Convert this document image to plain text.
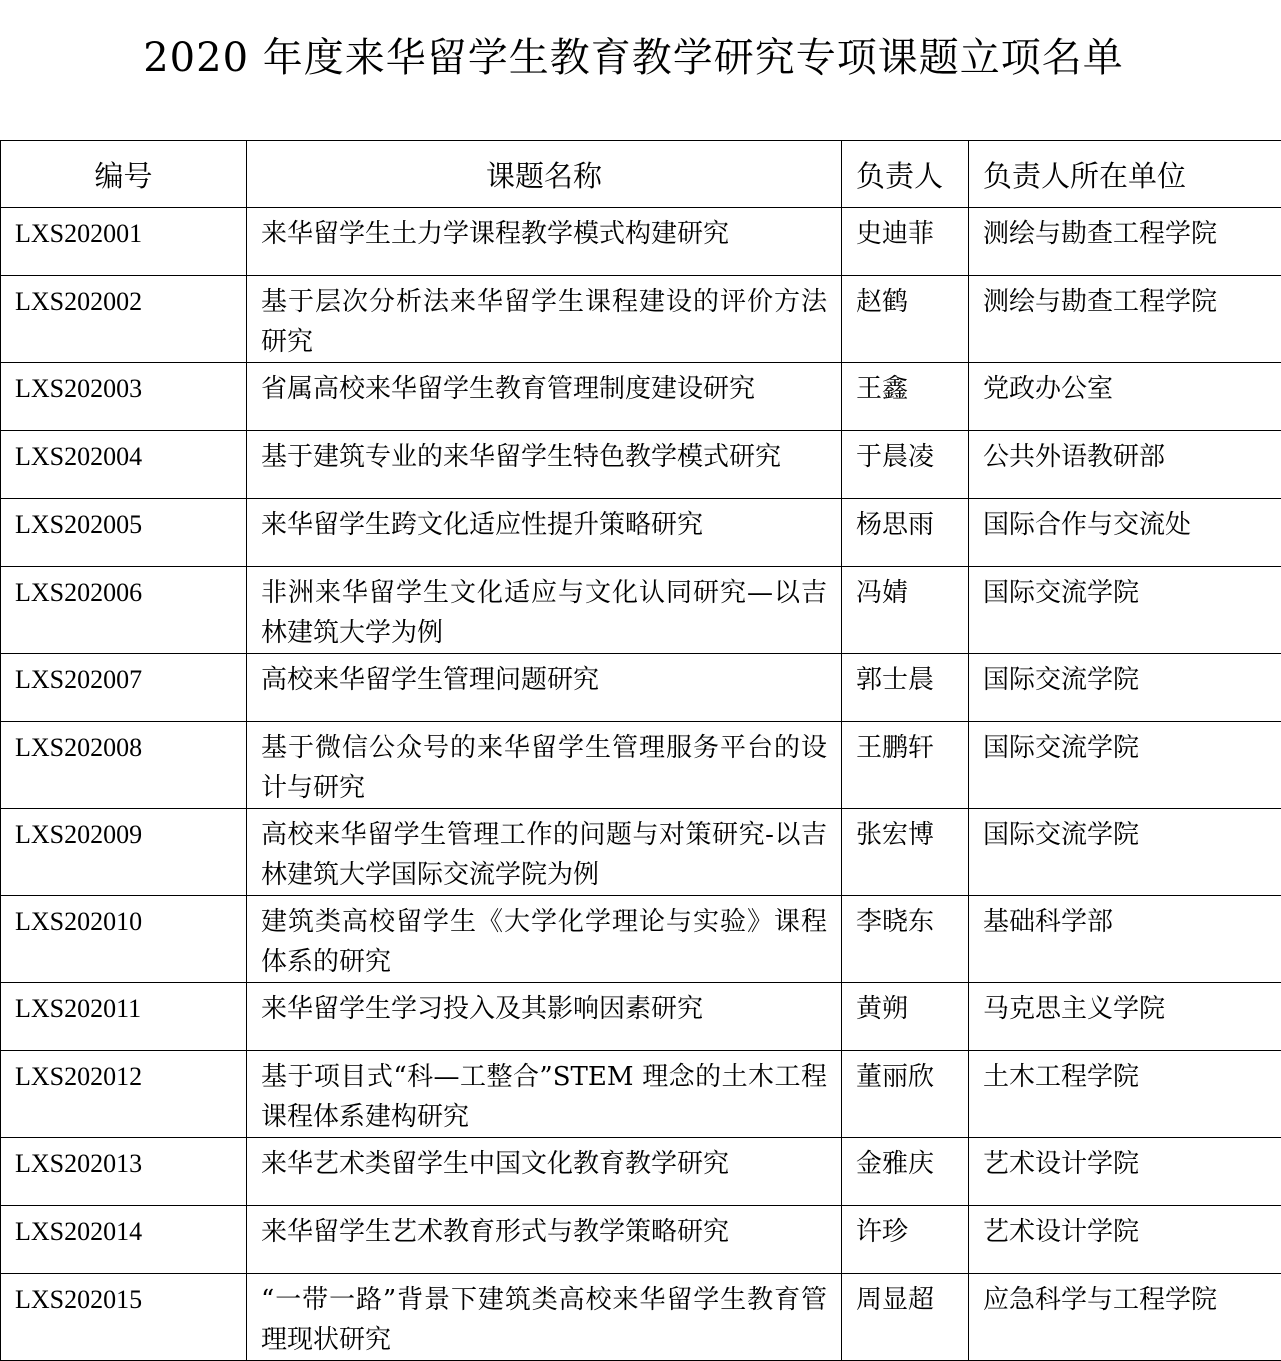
2020 年度来华留学生教育教学研究专项课题立项名单
编号	课题名称	负责人	负责人所在单位
LXS202001	来华留学生土力学课程教学模式构建研究	史迪菲	测绘与勘查工程学院
LXS202002	基于层次分析法来华留学生课程建设的评价方法研究	赵鹤	测绘与勘查工程学院
LXS202003	省属高校来华留学生教育管理制度建设研究	王鑫	党政办公室
LXS202004	基于建筑专业的来华留学生特色教学模式研究	于晨凌	公共外语教研部
LXS202005	来华留学生跨文化适应性提升策略研究	杨思雨	国际合作与交流处
LXS202006	非洲来华留学生文化适应与文化认同研究—以吉林建筑大学为例	冯婧	国际交流学院
LXS202007	高校来华留学生管理问题研究	郭士晨	国际交流学院
LXS202008	基于微信公众号的来华留学生管理服务平台的设计与研究	王鹏轩	国际交流学院
LXS202009	高校来华留学生管理工作的问题与对策研究-以吉林建筑大学国际交流学院为例	张宏博	国际交流学院
LXS202010	建筑类高校留学生《大学化学理论与实验》课程体系的研究	李晓东	基础科学部
LXS202011	来华留学生学习投入及其影响因素研究	黄朔	马克思主义学院
LXS202012	基于项目式“科—工整合”STEM 理念的土木工程课程体系建构研究	董丽欣	土木工程学院
LXS202013	来华艺术类留学生中国文化教育教学研究	金雅庆	艺术设计学院
LXS202014	来华留学生艺术教育形式与教学策略研究	许珍	艺术设计学院
LXS202015	“一带一路”背景下建筑类高校来华留学生教育管理现状研究	周显超	应急科学与工程学院
